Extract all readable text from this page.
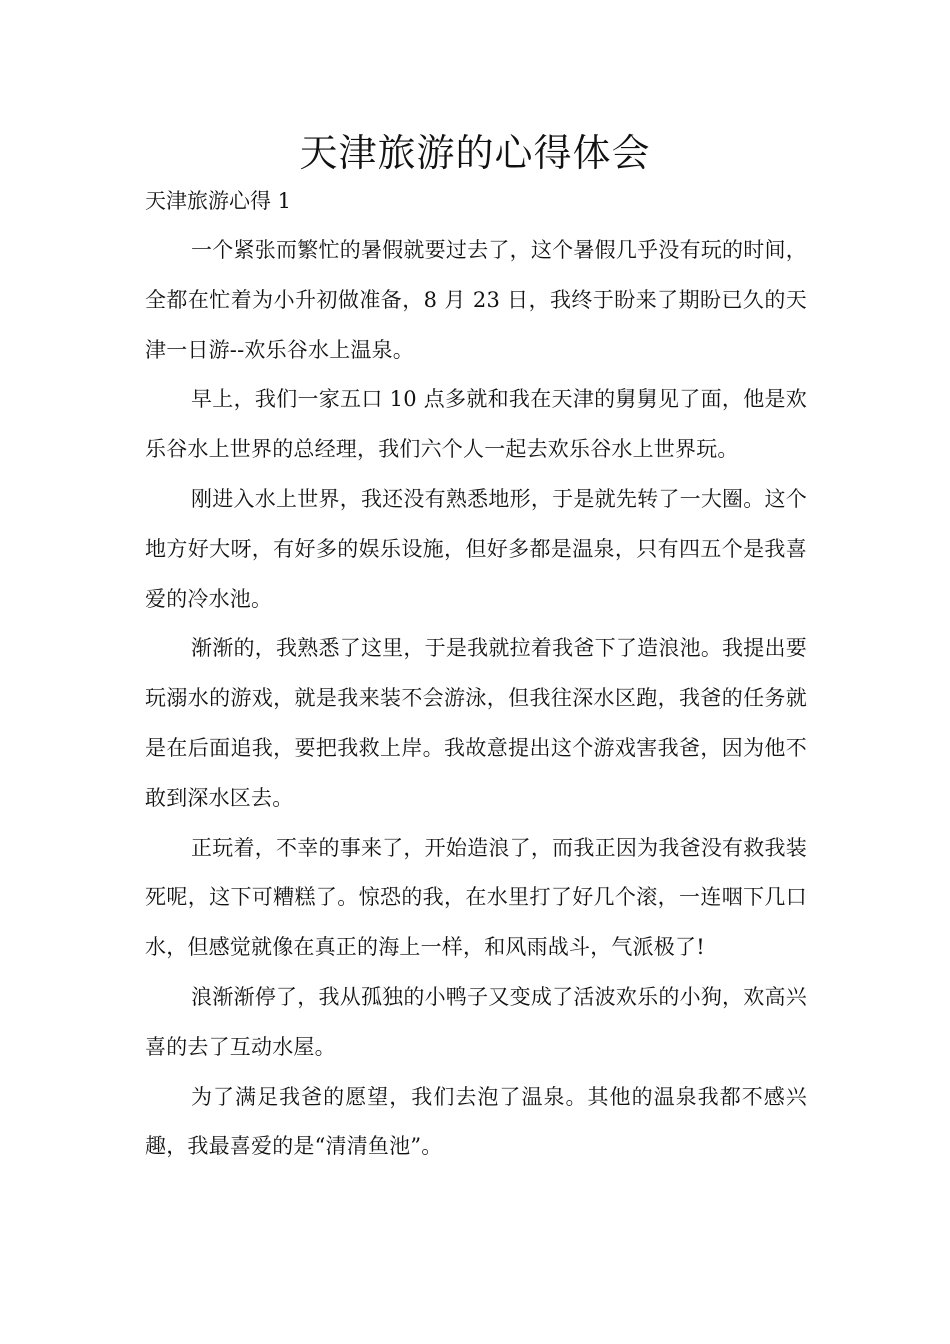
天津旅游的心得体会
天津旅游心得 1

一个紧张而繁忙的暑假就要过去了，这个暑假几乎没有玩的时间，全都在忙着为小升初做准备，8 月 23 日，我终于盼来了期盼已久的天津一日游--欢乐谷水上温泉。

早上，我们一家五口 10 点多就和我在天津的舅舅见了面，他是欢乐谷水上世界的总经理，我们六个人一起去欢乐谷水上世界玩。

刚进入水上世界，我还没有熟悉地形，于是就先转了一大圈。这个地方好大呀，有好多的娱乐设施，但好多都是温泉，只有四五个是我喜爱的冷水池。

渐渐的，我熟悉了这里，于是我就拉着我爸下了造浪池。我提出要玩溺水的游戏，就是我来装不会游泳，但我往深水区跑，我爸的任务就是在后面追我，要把我救上岸。我故意提出这个游戏害我爸，因为他不敢到深水区去。

正玩着，不幸的事来了，开始造浪了，而我正因为我爸没有救我装死呢，这下可糟糕了。惊恐的我，在水里打了好几个滚，一连咽下几口水，但感觉就像在真正的海上一样，和风雨战斗，气派极了!

浪渐渐停了，我从孤独的小鸭子又变成了活波欢乐的小狗，欢高兴喜的去了互动水屋。

为了满足我爸的愿望，我们去泡了温泉。其他的温泉我都不感兴趣，我最喜爱的是“清清鱼池”。
